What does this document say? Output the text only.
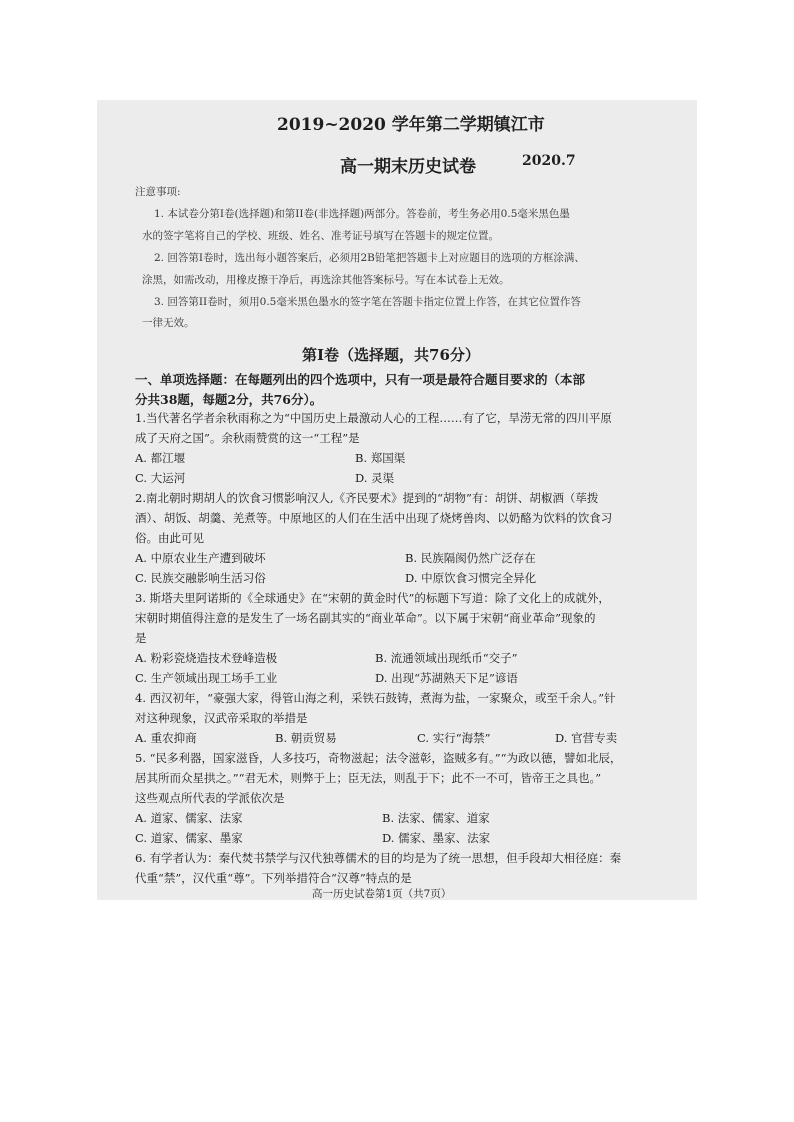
2019~2020 学年第二学期镇江市
高一期末历史试卷	2020.7
注意事项:
1. 本试卷分第I卷(选择题)和第II卷(非选择题)两部分。答卷前，考生务必用0.5毫米黑色墨
水的签字笔将自己的学校、班级、姓名、准考证号填写在答题卡的规定位置。
2. 回答第I卷时，选出每小题答案后，必须用2B铅笔把答题卡上对应题目的选项的方框涂满、
涂黑，如需改动，用橡皮擦干净后，再选涂其他答案标号。写在本试卷上无效。
3. 回答第II卷时，须用0.5毫米黑色墨水的签字笔在答题卡指定位置上作答，在其它位置作答
一律无效。
第I卷（选择题，共76分）
一、单项选择题：在每题列出的四个选项中，只有一项是最符合题目要求的（本部
分共38题，每题2分，共76分）。
1.当代著名学者余秋雨称之为“中国历史上最激动人心的工程……有了它，旱涝无常的四川平原
成了天府之国”。余秋雨赞赏的这一“工程”是
A. 都江堰	B. 郑国渠
C. 大运河	D. 灵渠
2.南北朝时期胡人的饮食习惯影响汉人,《齐民要术》提到的“胡物”有：胡饼、胡椒酒（荜拨
酒）、胡饭、胡羹、羌煮等。中原地区的人们在生活中出现了烧烤兽肉、以奶酪为饮料的饮食习
俗。由此可见
A. 中原农业生产遭到破坏	B. 民族隔阂仍然广泛存在
C. 民族交融影响生活习俗	D. 中原饮食习惯完全异化
3. 斯塔夫里阿诺斯的《全球通史》在“宋朝的黄金时代”的标题下写道：除了文化上的成就外，
宋朝时期值得注意的是发生了一场名副其实的“商业革命”。以下属于宋朝“商业革命”现象的
是
A. 粉彩瓷烧造技术登峰造极	B. 流通领域出现纸币“交子”
C. 生产领域出现工场手工业	D. 出现“苏湖熟天下足”谚语
4. 西汉初年，“豪强大家，得管山海之利，采铁石鼓铸，煮海为盐，一家聚众，或至千余人。”针
对这种现象，汉武帝采取的举措是
A. 重农抑商	B. 朝贡贸易	C. 实行“海禁”	D. 官营专卖
5. “民多利器，国家滋昏，人多技巧，奇物滋起；法令滋彰，盗贼多有。”“为政以德，譬如北辰，
居其所而众星拱之。”“君无术，则弊于上；臣无法，则乱于下；此不一不可，皆帝王之具也。”
这些观点所代表的学派依次是
A. 道家、儒家、法家	B. 法家、儒家、道家
C. 道家、儒家、墨家	D. 儒家、墨家、法家
6. 有学者认为：秦代焚书禁学与汉代独尊儒术的目的均是为了统一思想，但手段却大相径庭：秦
代重“禁”，汉代重“尊”。下列举措符合“汉尊”特点的是
高一历史试卷第1页（共7页）
